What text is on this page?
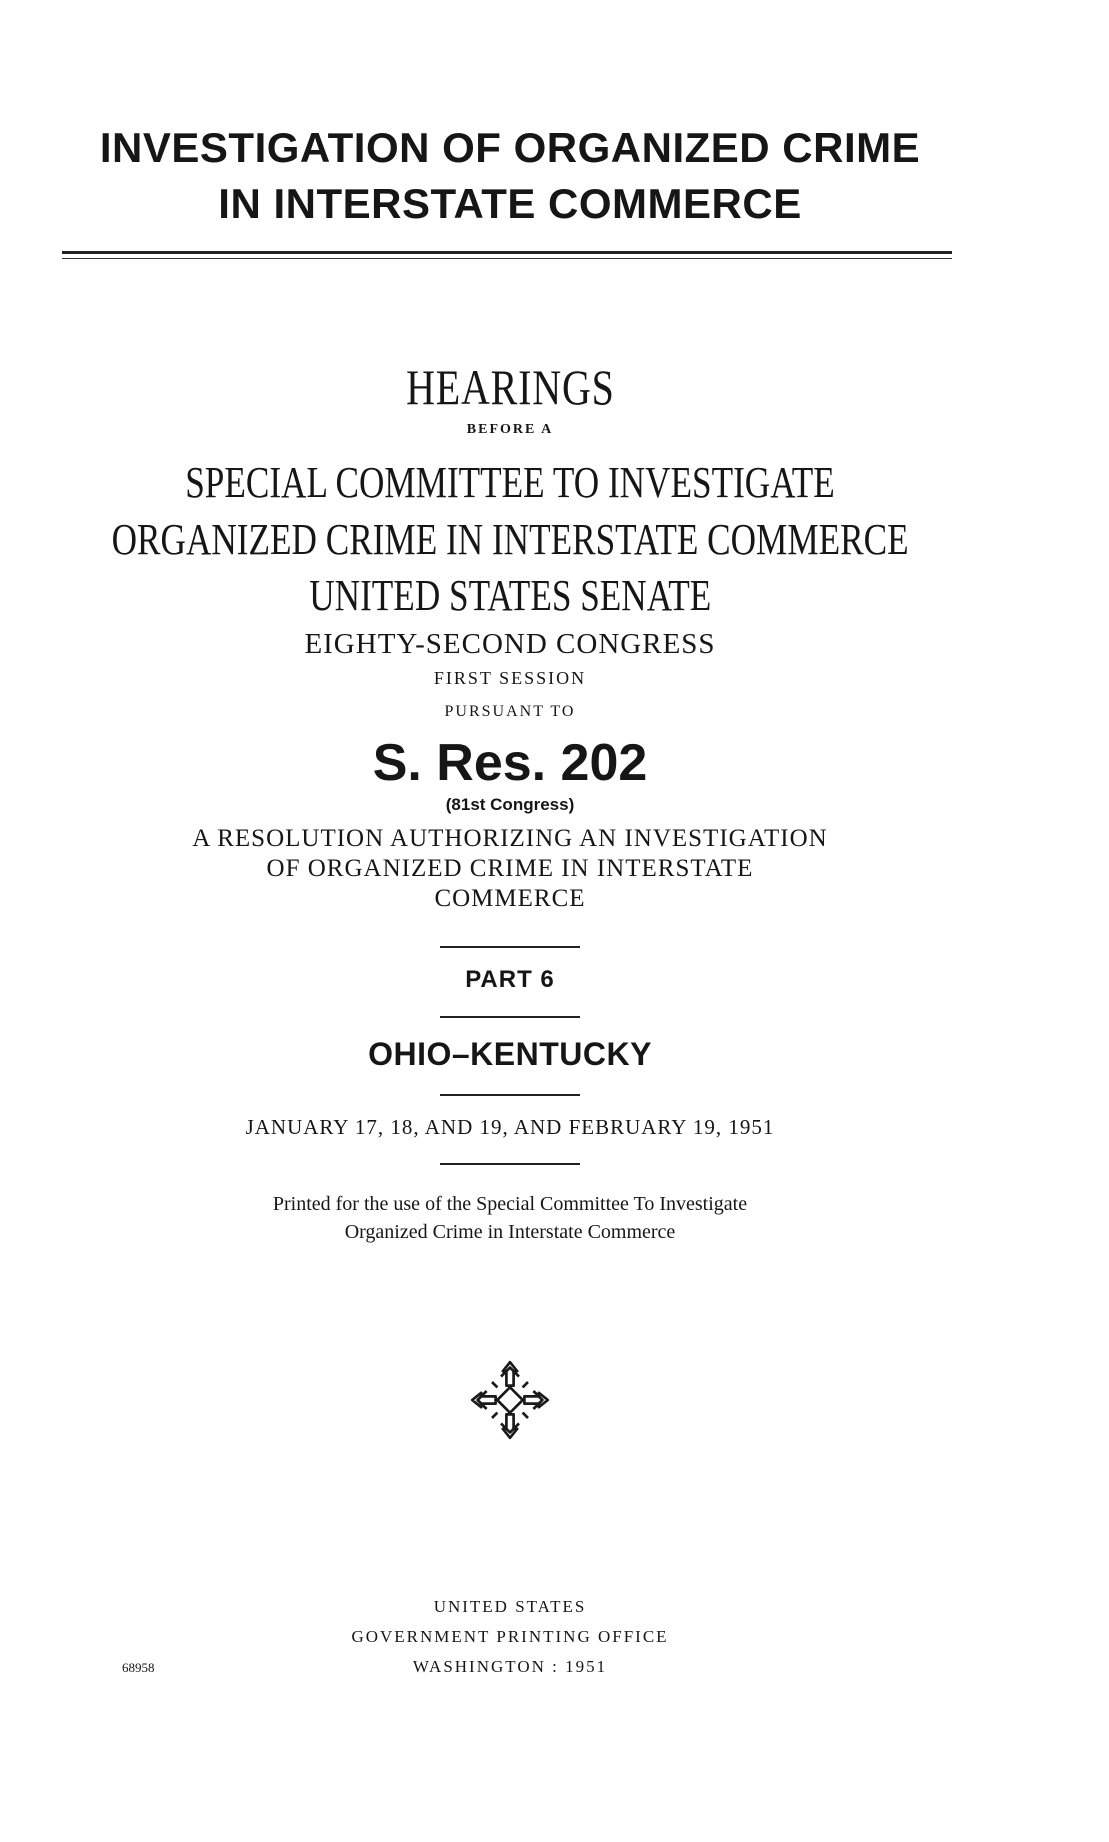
INVESTIGATION OF ORGANIZED CRIME
IN INTERSTATE COMMERCE
HEARINGS
BEFORE A
SPECIAL COMMITTEE TO INVESTIGATE
ORGANIZED CRIME IN INTERSTATE COMMERCE
UNITED STATES SENATE
EIGHTY-SECOND CONGRESS
FIRST SESSION
PURSUANT TO
S. Res. 202
(81st Congress)
A RESOLUTION AUTHORIZING AN INVESTIGATION
OF ORGANIZED CRIME IN INTERSTATE
COMMERCE
PART 6
OHIO–KENTUCKY
JANUARY 17, 18, AND 19, AND FEBRUARY 19, 1951
Printed for the use of the Special Committee To Investigate
Organized Crime in Interstate Commerce
UNITED STATES
GOVERNMENT PRINTING OFFICE
WASHINGTON : 1951
68958
